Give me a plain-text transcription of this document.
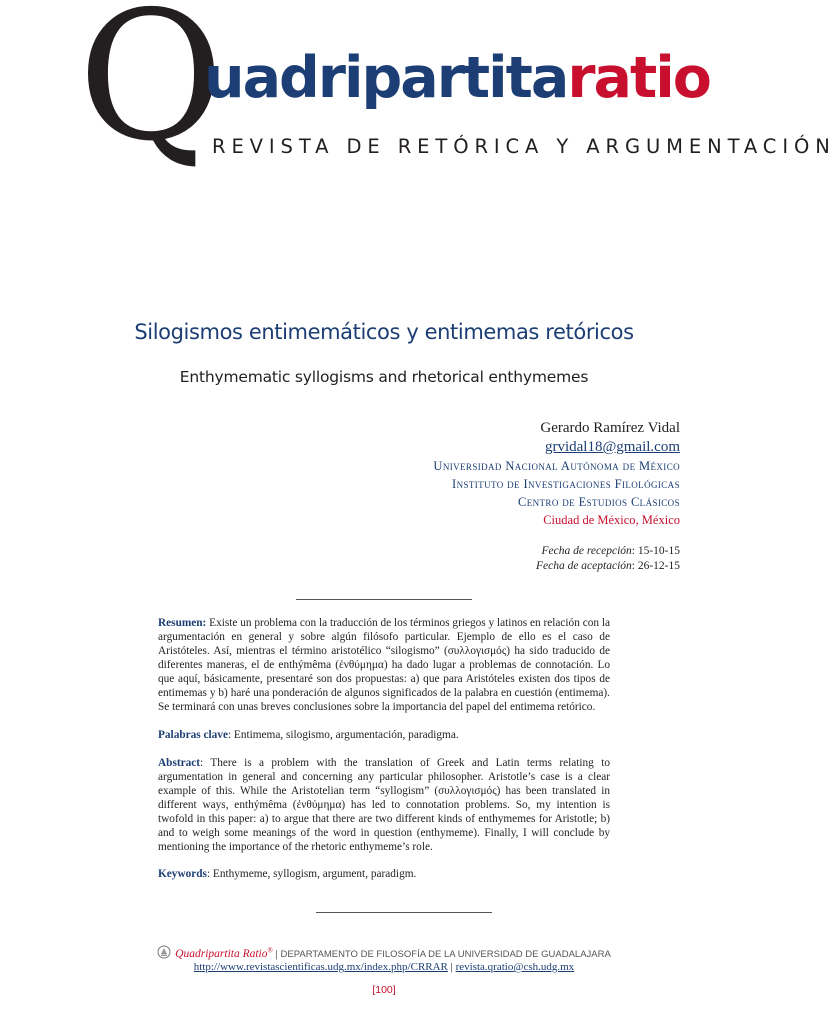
Q
uadripartitaratio
REVISTA DE RETÓRICA Y ARGUMENTACIÓN
Silogismos entimemáticos y entimemas retóricos
Enthymematic syllogisms and rhetorical enthymemes
Gerardo Ramírez Vidal
grvidal18@gmail.com
Universidad Nacional Autónoma de México
Instituto de Investigaciones Filológicas
Centro de Estudios Clásicos
Ciudad de México, México
Fecha de recepción: 15-10-15
Fecha de aceptación: 26-12-15
Resumen: Existe un problema con la traducción de los términos griegos y latinos en relación con la argumentación en general y sobre algún filósofo particular. Ejemplo de ello es el caso de Aristóteles. Así, mientras el término aristotélico “silogismo” (συλλογισμός) ha sido traducido de diferentes maneras, el de enthýmêma (ἐνθύμημα) ha dado lugar a problemas de connotación. Lo que aquí, básicamente, presentaré son dos propuestas: a) que para Aristóteles existen dos tipos de entimemas y b) haré una ponderación de algunos significados de la palabra en cuestión (entimema). Se terminará con unas breves conclusiones sobre la importancia del papel del entimema retórico.
Palabras clave: Entimema, silogismo, argumentación, paradigma.
Abstract: There is a problem with the translation of Greek and Latin terms relating to argumentation in general and concerning any particular philosopher. Aristotle’s case is a clear example of this. While the Aristotelian term “syllogism” (συλλογισμός) has been translated in different ways, enthýmêma (ἐνθύμημα) has led to connotation problems. So, my intention is twofold in this paper: a) to argue that there are two different kinds of enthymemes for Aristotle; b) and to weigh some meanings of the word in question (enthymeme). Finally, I will conclude by mentioning the importance of the rhetoric enthymeme’s role.
Keywords: Enthymeme, syllogism, argument, paradigm.
Quadripartita Ratio® | DEPARTAMENTO DE FILOSOFÍA DE LA UNIVERSIDAD DE GUADALAJARA
http://www.revistascientificas.udg.mx/index.php/CRRAR | revista.qratio@csh.udg.mx
[100]
